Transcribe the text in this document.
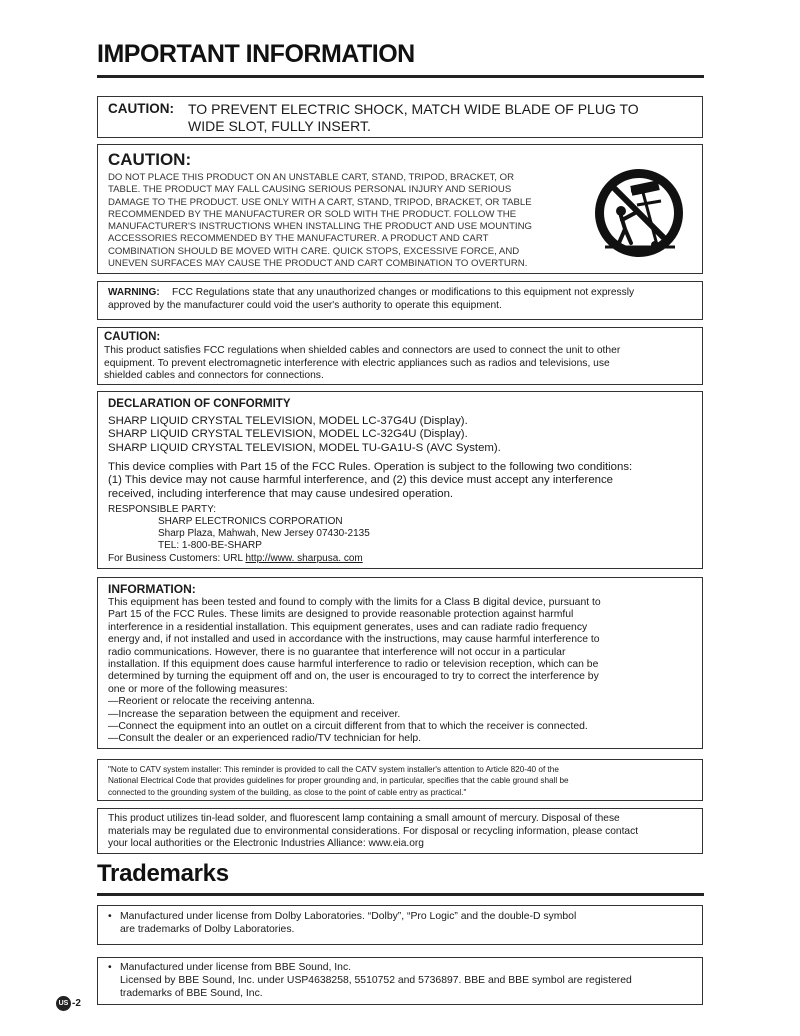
IMPORTANT INFORMATION
CAUTION: TO PREVENT ELECTRIC SHOCK, MATCH WIDE BLADE OF PLUG TO
WIDE SLOT, FULLY INSERT.
CAUTION:
DO NOT PLACE THIS PRODUCT ON AN UNSTABLE CART, STAND, TRIPOD, BRACKET, OR
TABLE. THE PRODUCT MAY FALL CAUSING SERIOUS PERSONAL INJURY AND SERIOUS
DAMAGE TO THE PRODUCT. USE ONLY WITH A CART, STAND, TRIPOD, BRACKET, OR TABLE
RECOMMENDED BY THE MANUFACTURER OR SOLD WITH THE PRODUCT. FOLLOW THE
MANUFACTURER'S INSTRUCTIONS WHEN INSTALLING THE PRODUCT AND USE MOUNTING
ACCESSORIES RECOMMENDED BY THE MANUFACTURER. A PRODUCT AND CART
COMBINATION SHOULD BE MOVED WITH CARE. QUICK STOPS, EXCESSIVE FORCE, AND
UNEVEN SURFACES MAY CAUSE THE PRODUCT AND CART COMBINATION TO OVERTURN.
WARNING: FCC Regulations state that any unauthorized changes or modifications to this equipment not expressly
approved by the manufacturer could void the user's authority to operate this equipment.
CAUTION:
This product satisfies FCC regulations when shielded cables and connectors are used to connect the unit to other
equipment. To prevent electromagnetic interference with electric appliances such as radios and televisions, use
shielded cables and connectors for connections.
DECLARATION OF CONFORMITY
SHARP LIQUID CRYSTAL TELEVISION, MODEL LC-37G4U (Display).
SHARP LIQUID CRYSTAL TELEVISION, MODEL LC-32G4U (Display).
SHARP LIQUID CRYSTAL TELEVISION, MODEL TU-GA1U-S (AVC System).
This device complies with Part 15 of the FCC Rules. Operation is subject to the following two conditions:
(1) This device may not cause harmful interference, and (2) this device must accept any interference
received, including interference that may cause undesired operation.
RESPONSIBLE PARTY:
SHARP ELECTRONICS CORPORATION
Sharp Plaza, Mahwah, New Jersey 07430-2135
TEL: 1-800-BE-SHARP
For Business Customers: URL http://www. sharpusa. com
INFORMATION:
This equipment has been tested and found to comply with the limits for a Class B digital device, pursuant to
Part 15 of the FCC Rules. These limits are designed to provide reasonable protection against harmful
interference in a residential installation. This equipment generates, uses and can radiate radio frequency
energy and, if not installed and used in accordance with the instructions, may cause harmful interference to
radio communications. However, there is no guarantee that interference will not occur in a particular
installation. If this equipment does cause harmful interference to radio or television reception, which can be
determined by turning the equipment off and on, the user is encouraged to try to correct the interference by
one or more of the following measures:
—Reorient or relocate the receiving antenna.
—Increase the separation between the equipment and receiver.
—Connect the equipment into an outlet on a circuit different from that to which the receiver is connected.
—Consult the dealer or an experienced radio/TV technician for help.
"Note to CATV system installer: This reminder is provided to call the CATV system installer's attention to Article 820-40 of the
National Electrical Code that provides guidelines for proper grounding and, in particular, specifies that the cable ground shall be
connected to the grounding system of the building, as close to the point of cable entry as practical."
This product utilizes tin-lead solder, and fluorescent lamp containing a small amount of mercury. Disposal of these
materials may be regulated due to environmental considerations. For disposal or recycling information, please contact
your local authorities or the Electronic Industries Alliance: www.eia.org
Trademarks
• Manufactured under license from Dolby Laboratories. “Dolby”, “Pro Logic” and the double-D symbol
are trademarks of Dolby Laboratories.
• Manufactured under license from BBE Sound, Inc.
Licensed by BBE Sound, Inc. under USP4638258, 5510752 and 5736897. BBE and BBE symbol are registered
trademarks of BBE Sound, Inc.
US -2
